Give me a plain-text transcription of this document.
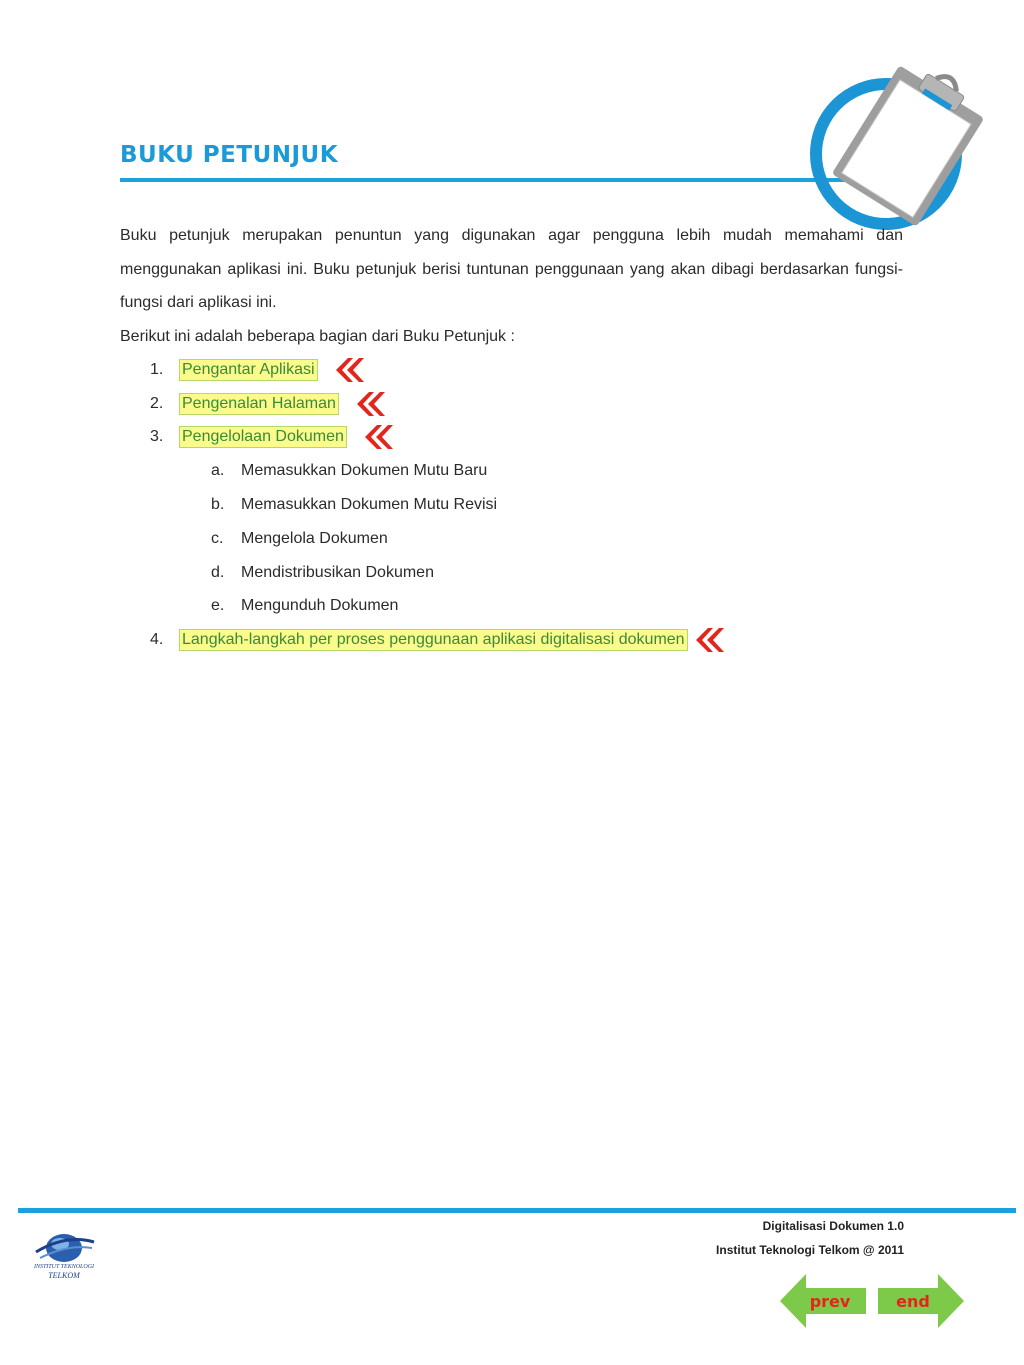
BUKU PETUNJUK

Buku petunjuk merupakan penuntun yang digunakan agar pengguna lebih mudah memahami dan menggunakan aplikasi ini. Buku petunjuk berisi tuntunan penggunaan yang akan dibagi berdasarkan fungsi-fungsi dari aplikasi ini.

Berikut ini adalah beberapa bagian dari Buku Petunjuk :

1.	Pengantar Aplikasi
2.	Pengenalan Halaman
3.	Pengelolaan Dokumen
a.	Memasukkan Dokumen Mutu Baru
b.	Memasukkan Dokumen Mutu Revisi
c.	Mengelola Dokumen
d.	Mendistribusikan Dokumen
e.	Mengunduh Dokumen
4.	Langkah-langkah per proses penggunaan aplikasi digitalisasi dokumen
Digitalisasi Dokumen 1.0
Institut Teknologi Telkom @ 2011
INSTITUT TEKNOLOGI
TELKOM
prev	end
